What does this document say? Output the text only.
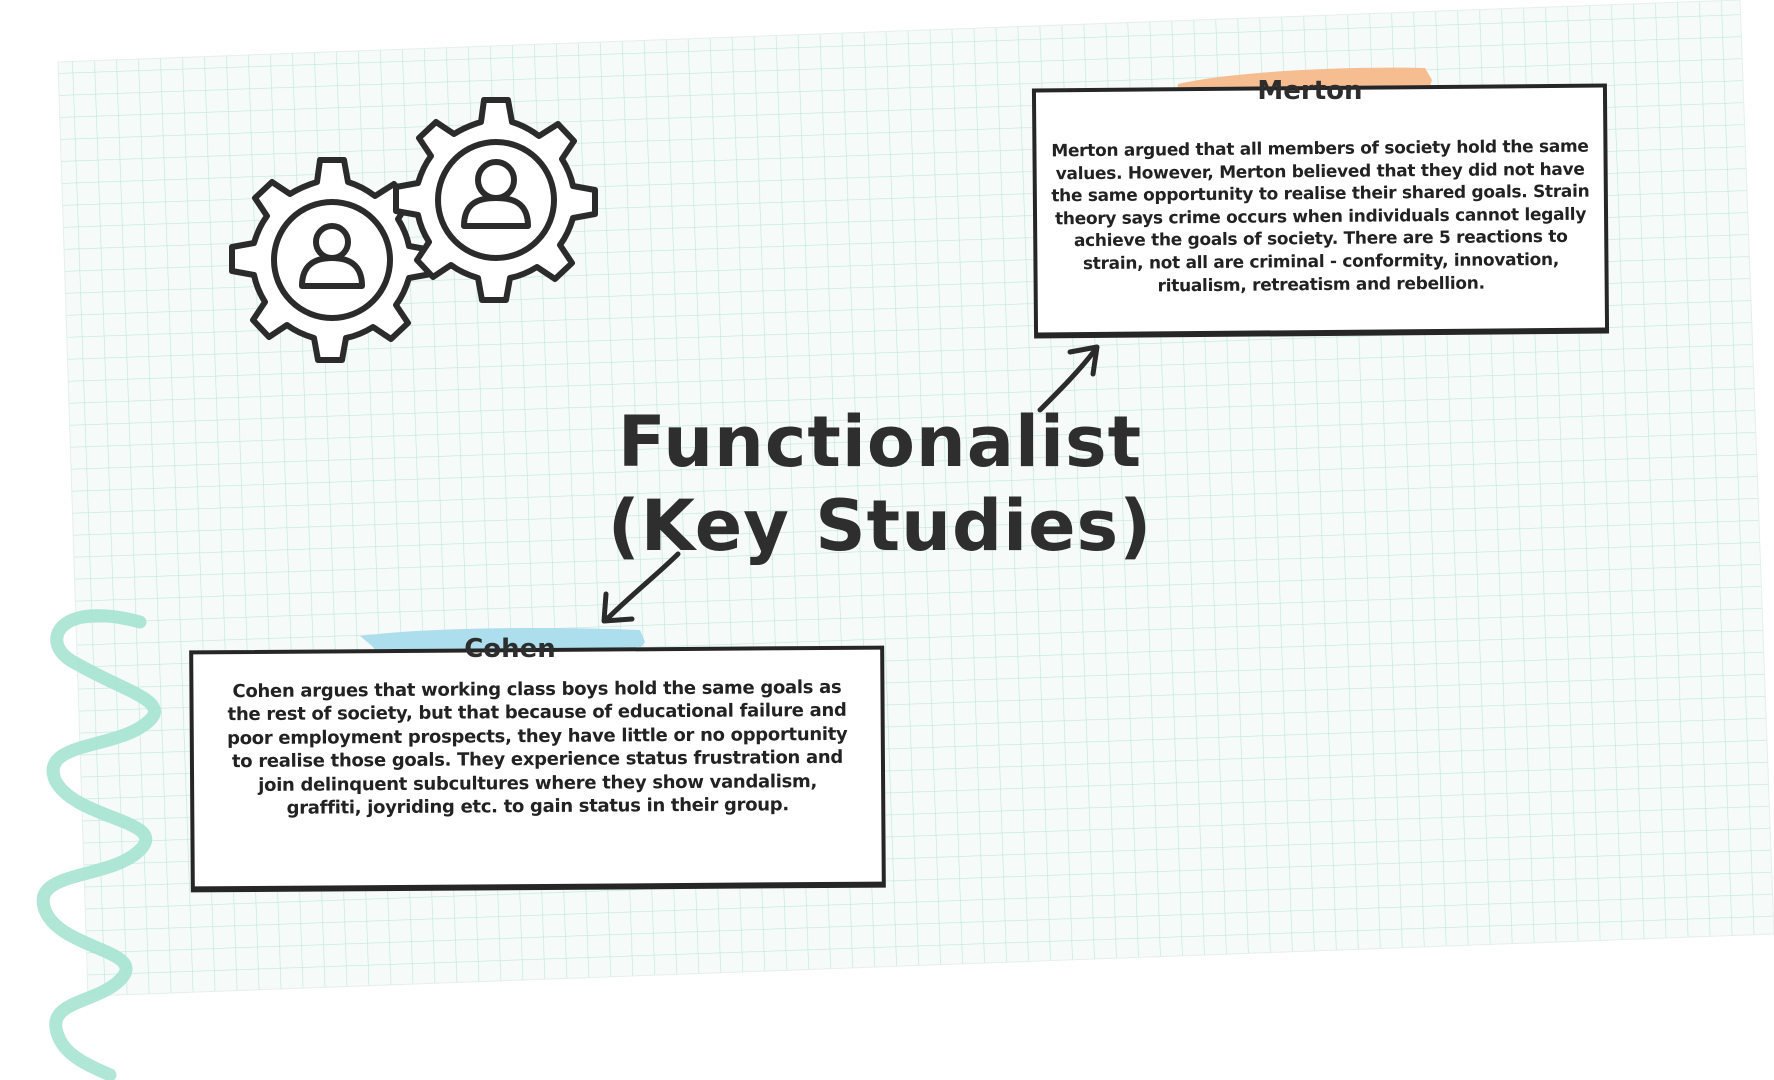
Functionalist
(Key Studies)
Merton
Merton argued that all members of society hold the same values. However, Merton believed that they did not have the same opportunity to realise their shared goals. Strain theory says crime occurs when individuals cannot legally achieve the goals of society. There are 5 reactions to strain, not all are criminal - conformity, innovation, ritualism, retreatism and rebellion.
Cohen
Cohen argues that working class boys hold the same goals as the rest of society, but that because of educational failure and poor employment prospects, they have little or no opportunity to realise those goals. They experience status frustration and join delinquent subcultures where they show vandalism, graffiti, joyriding etc. to gain status in their group.
